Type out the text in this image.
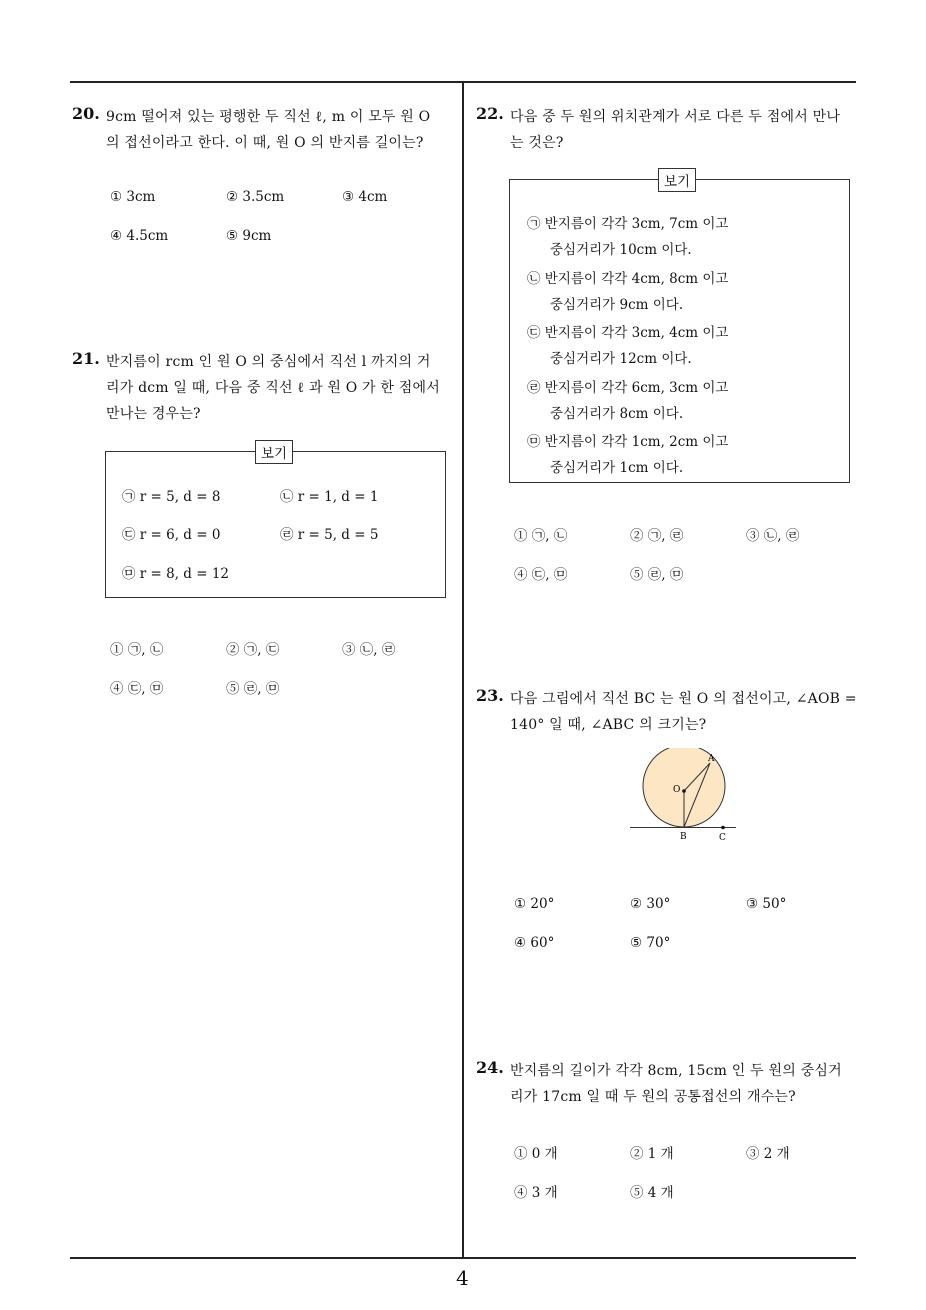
4
20. 9cm 떨어져 있는 평행한 두 직선 ℓ, m 이 모두 원 O
의 접선이라고 한다. 이 때, 원 O 의 반지름 길이는?
① 3cm	② 3.5cm	③ 4cm
④ 4.5cm	⑤ 9cm
21. 반지름이 rcm 인 원 O 의 중심에서 직선 l 까지의 거
리가 dcm 일 때, 다음 중 직선 ℓ 과 원 O 가 한 점에서
만나는 경우는?
보기
㉠ r = 5, d = 8	㉡ r = 1, d = 1
㉢ r = 6, d = 0	㉣ r = 5, d = 5
㉤ r = 8, d = 12
① ㉠, ㉡	② ㉠, ㉢	③ ㉡, ㉣
④ ㉢, ㉤	⑤ ㉣, ㉤
22. 다음 중 두 원의 위치관계가 서로 다른 두 점에서 만나
는 것은?
보기
㉠ 반지름이 각각 3cm, 7cm 이고
중심거리가 10cm 이다.
㉡ 반지름이 각각 4cm, 8cm 이고
중심거리가 9cm 이다.
㉢ 반지름이 각각 3cm, 4cm 이고
중심거리가 12cm 이다.
㉣ 반지름이 각각 6cm, 3cm 이고
중심거리가 8cm 이다.
㉤ 반지름이 각각 1cm, 2cm 이고
중심거리가 1cm 이다.
① ㉠, ㉡	② ㉠, ㉣	③ ㉡, ㉣
④ ㉢, ㉤	⑤ ㉣, ㉤
23. 다음 그림에서 직선 BC 는 원 O 의 접선이고, ∠AOB =
140° 일 때, ∠ABC 의 크기는?
A
O
B	C
① 20°	② 30°	③ 50°
④ 60°	⑤ 70°
24. 반지름의 길이가 각각 8cm, 15cm 인 두 원의 중심거
리가 17cm 일 때 두 원의 공통접선의 개수는?
① 0 개	② 1 개	③ 2 개
④ 3 개	⑤ 4 개
